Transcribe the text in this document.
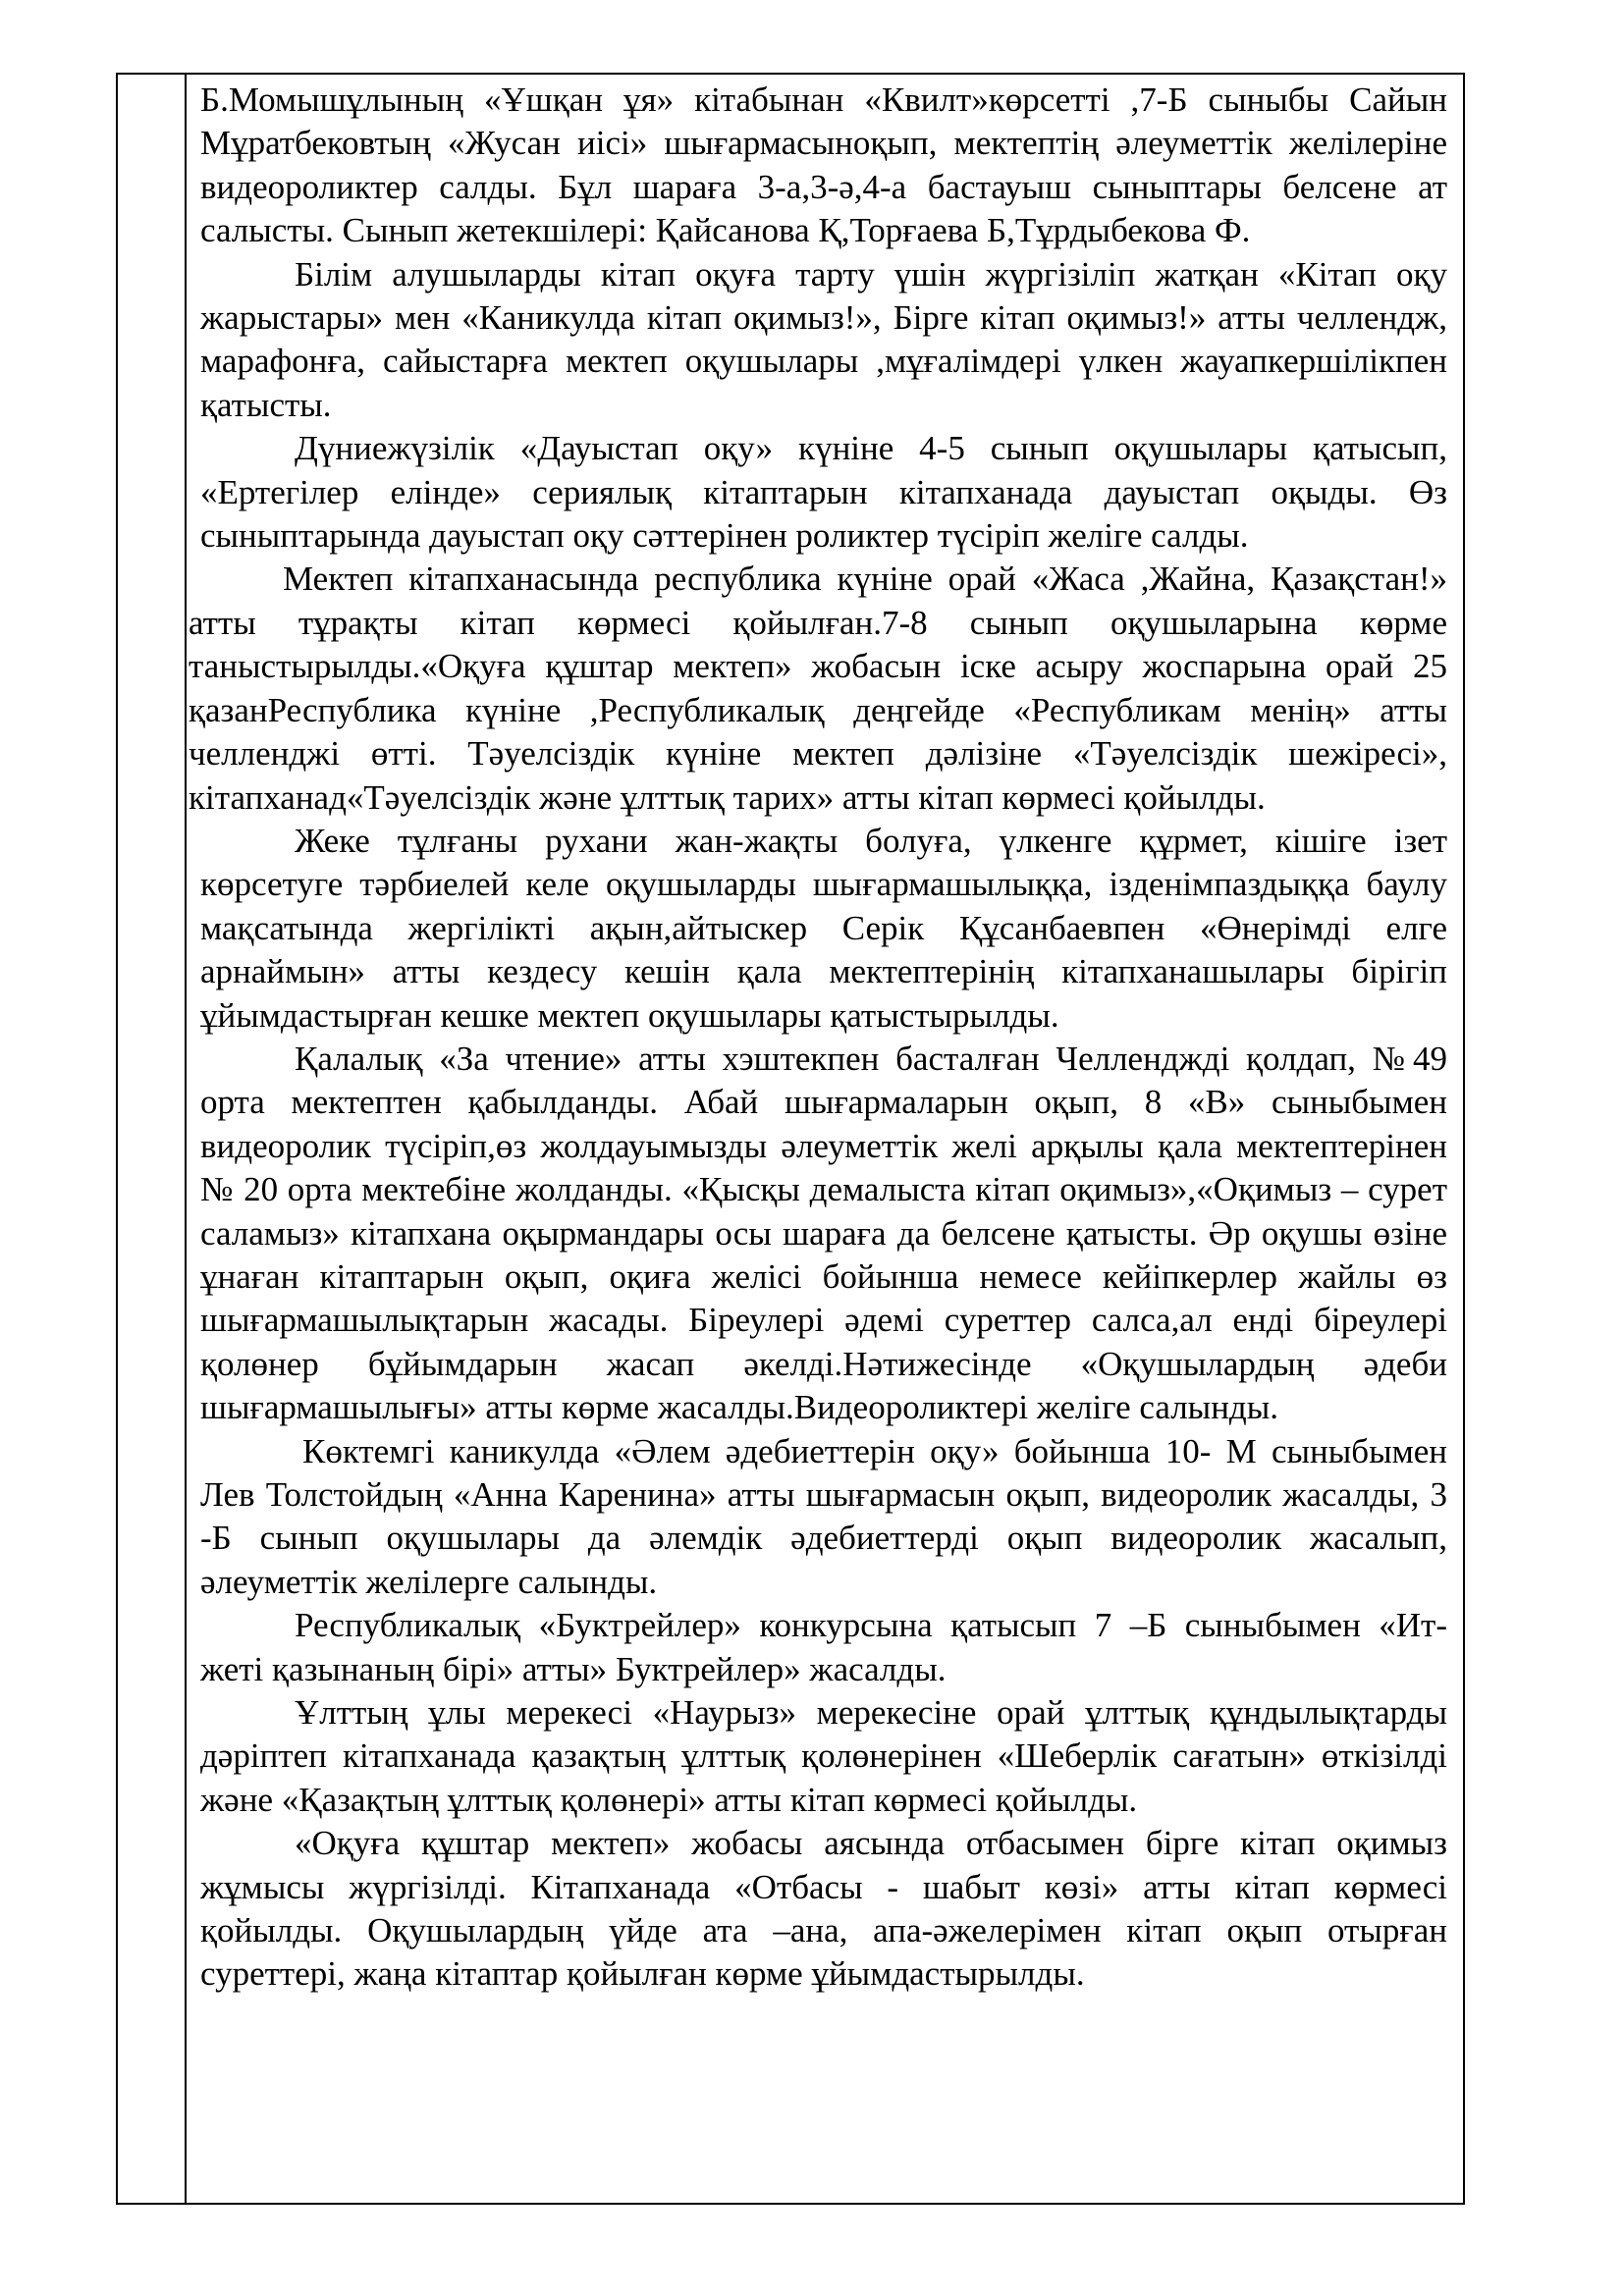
Б.Момышұлының «Ұшқан ұя» кітабынан «Квилт»көрсетті ,7-Б сыныбы Сайын Мұратбековтың «Жусан иісі» шығармасыноқып, мектептің әлеуметтік желілеріне видеороликтер салды. Бұл шараға 3-а,3-ә,4-а бастауыш сыныптары белсене ат салысты. Сынып жетекшілері: Қайсанова Қ,Торғаева Б,Тұрдыбекова Ф.

Білім алушыларды кітап оқуға тарту үшін жүргізіліп жатқан «Кітап оқу жарыстары» мен «Каникулда кітап оқимыз!», Бірге кітап оқимыз!» атты челлендж, марафонға, сайыстарға мектеп оқушылары ,мұғалімдері үлкен жауапкершілікпен қатысты.

Дүниежүзілік «Дауыстап оқу» күніне 4-5 сынып оқушылары қатысып, «Ертегілер елінде» сериялық кітаптарын кітапханада дауыстап оқыды. Өз сыныптарында дауыстап оқу сәттерінен роликтер түсіріп желіге салды.

Мектеп кітапханасында республика күніне орай «Жаса ,Жайна, Қазақстан!» атты тұрақты кітап көрмесі қойылған.7-8 сынып оқушыларына көрме таныстырылды.«Оқуға құштар мектеп» жобасын іске асыру жоспарына орай 25 қазанРеспублика күніне ,Республикалық деңгейде «Республикам менің» атты челленджі өтті. Тәуелсіздік күніне мектеп дәлізіне «Тәуелсіздік шежіресі», кітапханад«Тәуелсіздік және ұлттық тарих» атты кітап көрмесі қойылды.

Жеке тұлғаны рухани жан-жақты болуға, үлкенге құрмет, кішіге ізет көрсетуге тәрбиелей келе оқушыларды шығармашылыққа, ізденімпаздыққа баулу мақсатында жергілікті ақын,айтыскер Серік Құсанбаевпен «Өнерімді елге арнаймын» атты кездесу кешін қала мектептерінің кітапханашылары бірігіп ұйымдастырған кешке мектеп оқушылары қатыстырылды.

Қалалық «За чтение» атты хэштекпен басталған Челленджді қолдап, №49 орта мектептен қабылданды. Абай шығармаларын оқып, 8 «В» сыныбымен видеоролик түсіріп,өз жолдауымызды әлеуметтік желі арқылы қала мектептерінен № 20 орта мектебіне жолданды. «Қысқы демалыста кітап оқимыз»,«Оқимыз – сурет саламыз» кітапхана оқырмандары осы шараға да белсене қатысты. Әр оқушы өзіне ұнаған кітаптарын оқып, оқиға желісі бойынша немесе кейіпкерлер жайлы өз шығармашылықтарын жасады. Біреулері әдемі суреттер салса,ал енді біреулері қолөнер бұйымдарын жасап әкелді.Нәтижесінде «Оқушылардың әдеби шығармашылығы» атты көрме жасалды.Видеороликтері желіге салынды.

Көктемгі каникулда «Әлем әдебиеттерін оқу» бойынша 10- М сыныбымен Лев Толстойдың «Анна Каренина» атты шығармасын оқып, видеоролик жасалды, 3 -Б сынып оқушылары да әлемдік әдебиеттерді оқып видеоролик жасалып, әлеуметтік желілерге салынды.

Республикалық «Буктрейлер» конкурсына қатысып 7 –Б сыныбымен «Ит- жеті қазынаның бірі» атты» Буктрейлер» жасалды.

Ұлттың ұлы мерекесі «Наурыз» мерекесіне орай ұлттық құндылықтарды дәріптеп кітапханада қазақтың ұлттық қолөнерінен «Шеберлік сағатын» өткізілді және «Қазақтың ұлттық қолөнері» атты кітап көрмесі қойылды.

«Оқуға құштар мектеп» жобасы аясында отбасымен бірге кітап оқимыз жұмысы жүргізілді. Кітапханада «Отбасы - шабыт көзі» атты кітап көрмесі қойылды. Оқушылардың үйде ата –ана, апа-әжелерімен кітап оқып отырған суреттері, жаңа кітаптар қойылған көрме ұйымдастырылды.
